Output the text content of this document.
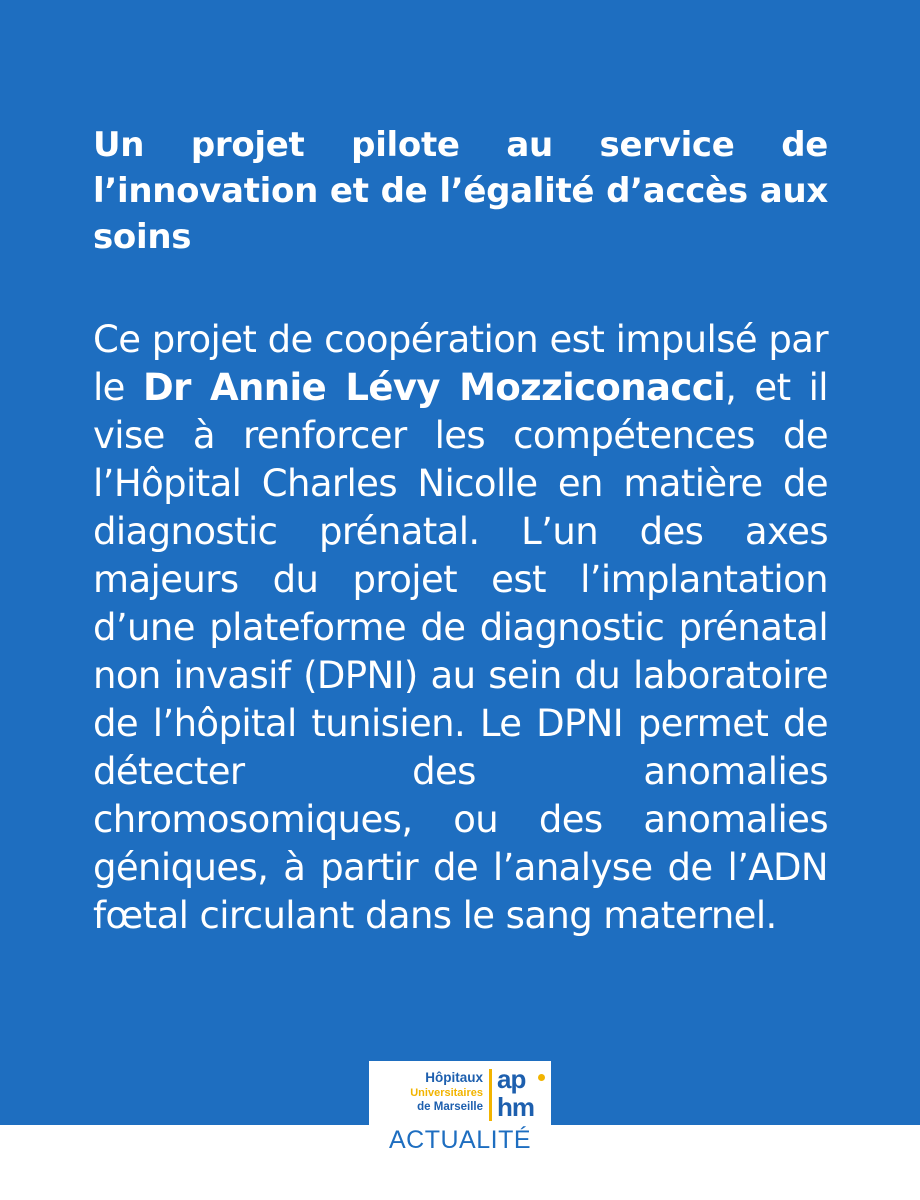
Un projet pilote au service de l’innovation et de l’égalité d’accès aux soins

Ce projet de coopération est impulsé par le Dr Annie Lévy Mozziconacci, et il vise à renforcer les compétences de l’Hôpital Charles Nicolle en matière de diagnostic prénatal. L’un des axes majeurs du projet est l’implantation d’une plateforme de diagnostic prénatal non invasif (DPNI) au sein du laboratoire de l’hôpital tunisien. Le DPNI permet de détecter des anomalies chromosomiques, ou des anomalies géniques, à partir de l’analyse de l’ADN fœtal circulant dans le sang maternel.

Hôpitaux
Universitaires
de Marseille
ap
hm
ACTUALITÉ
